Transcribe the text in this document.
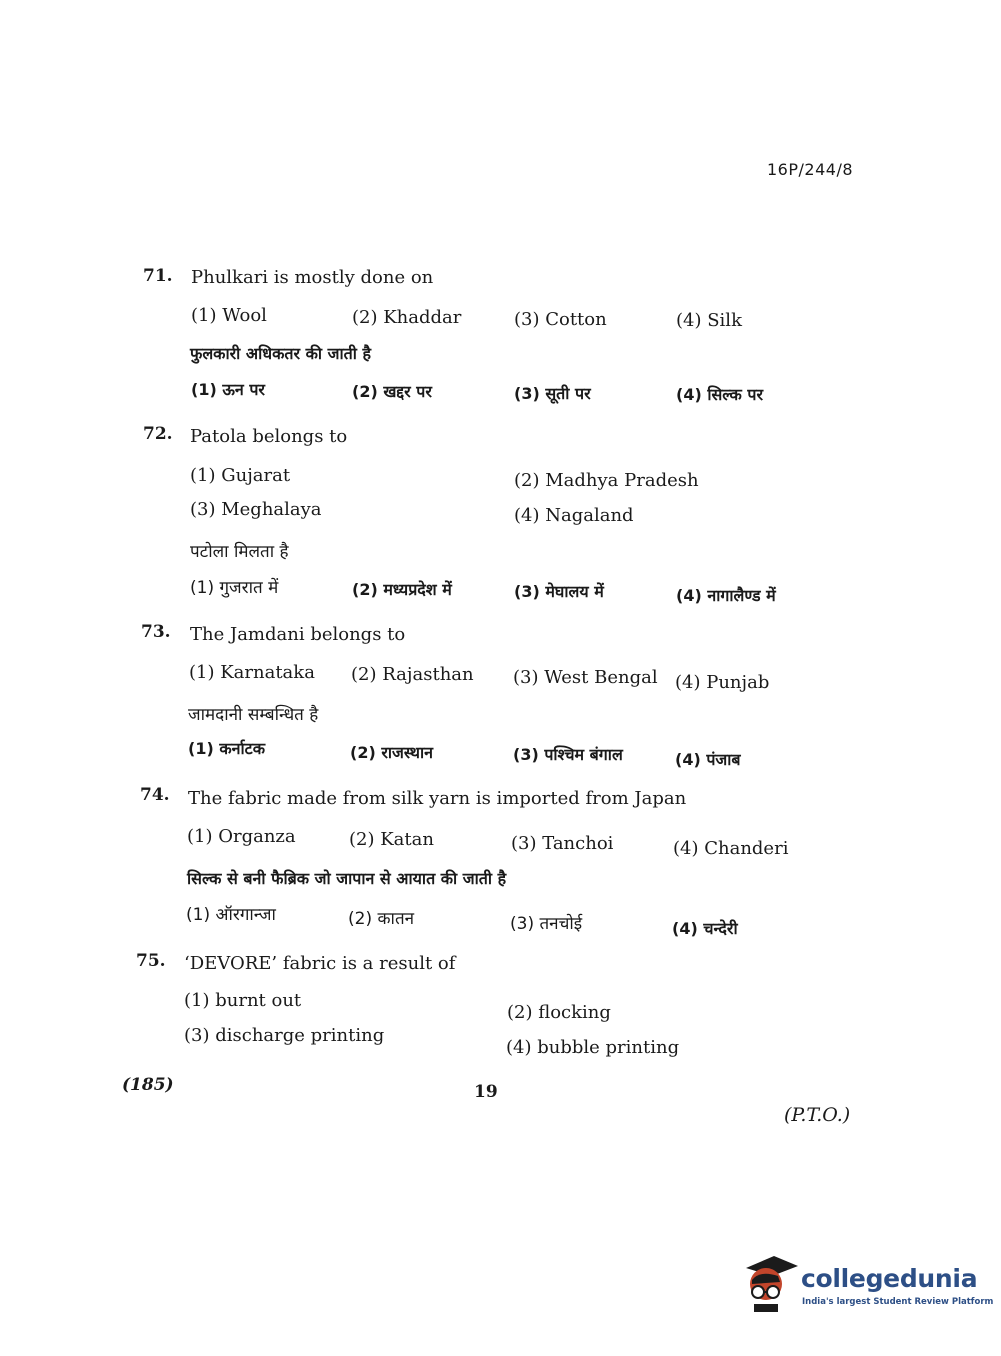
16P/244/8
71. Phulkari is mostly done on
(1) Wool	(2) Khaddar	(3) Cotton	(4) Silk
फुलकारी अधिकतर की जाती है
(1) ऊन पर	(2) खद्दर पर	(3) सूती पर	(4) सिल्क पर
72. Patola belongs to
(1) Gujarat	(2) Madhya Pradesh
(3) Meghalaya	(4) Nagaland
पटोला मिलता है
(1) गुजरात में	(2) मध्यप्रदेश में	(3) मेघालय में	(4) नागालैण्ड में
73. The Jamdani belongs to
(1) Karnataka (2) Rajasthan (3) West Bengal (4) Punjab
जामदानी सम्बन्धित है
(1) कर्नाटक	(2) राजस्थान	(3) पश्चिम बंगाल	(4) पंजाब
74. The fabric made from silk yarn is imported from Japan
(1) Organza	(2) Katan	(3) Tanchoi	(4) Chanderi
सिल्क से बनी फैब्रिक जो जापान से आयात की जाती है
(1) ऑरगान्जा	(2) कातन	(3) तनचोई	(4) चन्देरी
75. ‘DEVORE’ fabric is a result of
(1) burnt out
(2) flocking
(3) discharge printing
(4) bubble printing
(185)	19
(P.T.O.)
collegedunia
India's largest Student Review Platform
